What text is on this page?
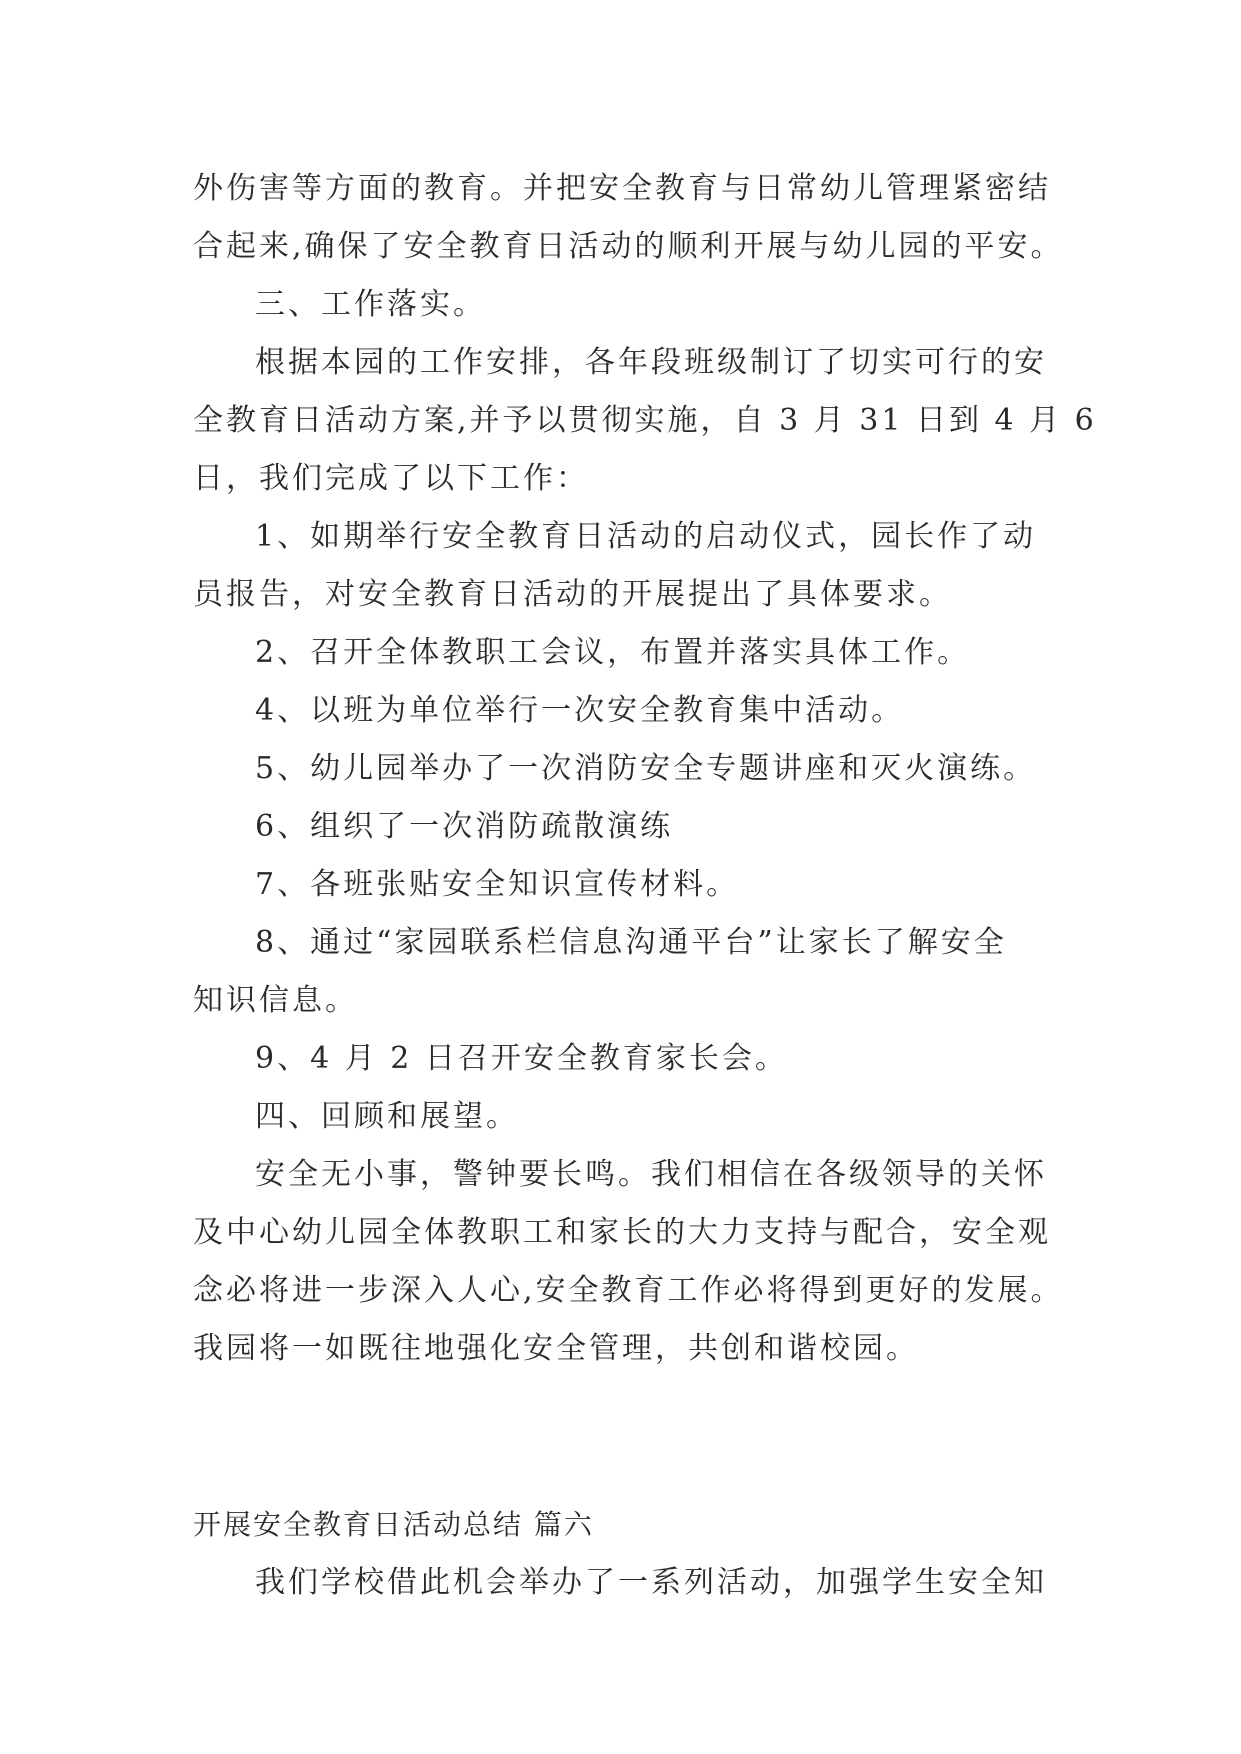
外伤害等方面的教育。并把安全教育与日常幼儿管理紧密结
合起来,确保了安全教育日活动的顺利开展与幼儿园的平安。
三、工作落实。
根据本园的工作安排，各年段班级制订了切实可行的安
全教育日活动方案,并予以贯彻实施，自 3 月 31 日到 4 月 6
日，我们完成了以下工作：
1、如期举行安全教育日活动的启动仪式，园长作了动
员报告，对安全教育日活动的开展提出了具体要求。
2、召开全体教职工会议，布置并落实具体工作。
4、以班为单位举行一次安全教育集中活动。
5、幼儿园举办了一次消防安全专题讲座和灭火演练。
6、组织了一次消防疏散演练
7、各班张贴安全知识宣传材料。
8、通过“家园联系栏信息沟通平台”让家长了解安全
知识信息。
9、4 月 2 日召开安全教育家长会。
四、回顾和展望。
安全无小事，警钟要长鸣。我们相信在各级领导的关怀
及中心幼儿园全体教职工和家长的大力支持与配合，安全观
念必将进一步深入人心,安全教育工作必将得到更好的发展。
我园将一如既往地强化安全管理，共创和谐校园。
开展安全教育日活动总结 篇六
我们学校借此机会举办了一系列活动，加强学生安全知
